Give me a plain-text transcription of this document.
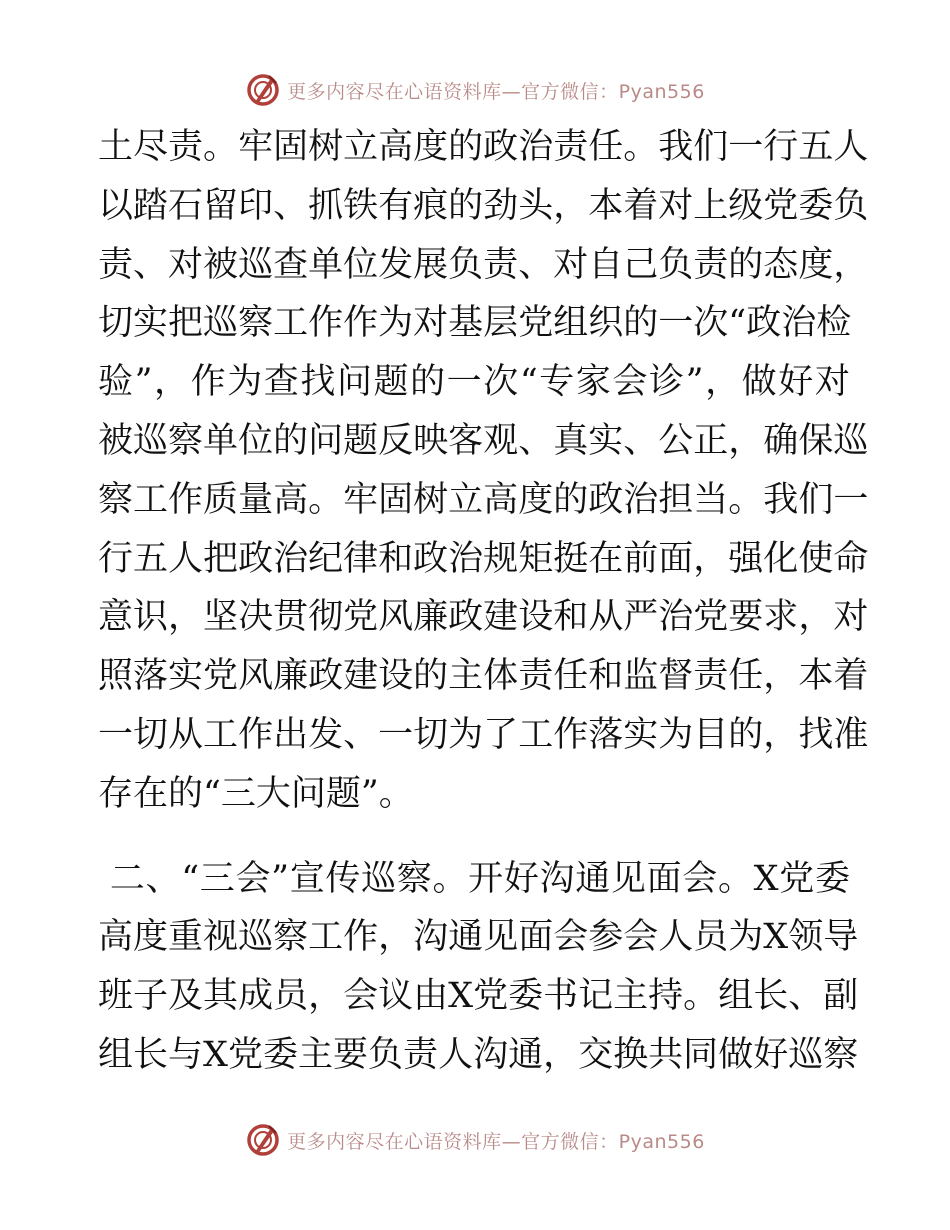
更多内容尽在心语资料库—官方微信：Pyan556
土 尽 责 。 牢 固 树 立 高 度 的 政 治 责 任 。 我 们 一 行 五 人
以 踏 石 留 印 、 抓 铁 有 痕 的 劲 头 ， 本 着 对 上 级 党 委 负
责 、 对 被 巡 查 单 位 发 展 负 责 、 对 自 己 负 责 的 态 度 ，
切 实 把 巡 察 工 作 作 为 对 基 层 党 组 织 的 一 次 “ 政 治 检
验 ” ， 作 为 查 找 问 题 的 一 次 “ 专 家 会 诊 ” ， 做 好 对
被 巡 察 单 位 的 问 题 反 映 客 观 、 真 实 、 公 正 ， 确 保 巡
察 工 作 质 量 高 。 牢 固 树 立 高 度 的 政 治 担 当 。 我 们 一
行 五 人 把 政 治 纪 律 和 政 治 规 矩 挺 在 前 面 ， 强 化 使 命
意 识 ， 坚 决 贯 彻 党 风 廉 政 建 设 和 从 严 治 党 要 求 ， 对
照 落 实 党 风 廉 政 建 设 的 主 体 责 任 和 监 督 责 任 ， 本 着
一 切 从 工 作 出 发 、 一 切 为 了 工 作 落 实 为 目 的 ， 找 准
存在的“三大问题”。

二 、 “ 三 会 ” 宣 传 巡 察 。 开 好 沟 通 见 面 会 。 X 党 委
高 度 重 视 巡 察 工 作 ， 沟 通 见 面 会 参 会 人 员 为 X 领 导
班 子 及 其 成 员 ， 会 议 由 X 党 委 书 记 主 持 。 组 长 、 副
组 长 与 X 党 委 主 要 负 责 人 沟 通 ， 交 换 共 同 做 好 巡 察
更多内容尽在心语资料库—官方微信：Pyan556
